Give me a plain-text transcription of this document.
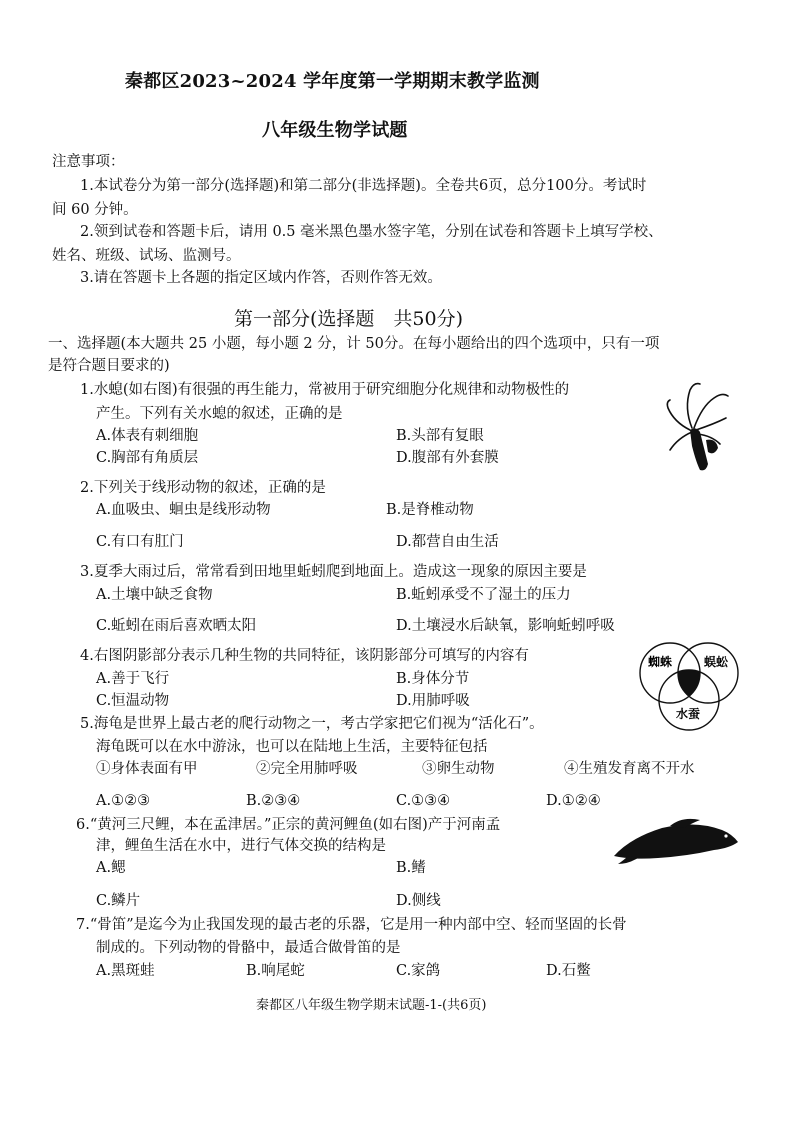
秦都区2023~2024 学年度第一学期期末教学监测
八年级生物学试题
注意事项：
1.本试卷分为第一部分(选择题)和第二部分(非选择题)。全卷共6页，总分100分。考试时
间 60 分钟。
2.领到试卷和答题卡后，请用 0.5 毫米黑色墨水签字笔，分别在试卷和答题卡上填写学校、
姓名、班级、试场、监测号。
3.请在答题卡上各题的指定区域内作答，否则作答无效。
第一部分(选择题　共50分)
一、选择题(本大题共 25 小题，每小题 2 分，计 50分。在每小题给出的四个选项中，只有一项
是符合题目要求的)
1.水螅(如右图)有很强的再生能力，常被用于研究细胞分化规律和动物极性的
产生。下列有关水螅的叙述，正确的是
A.体表有刺细胞	B.头部有复眼
C.胸部有角质层	D.腹部有外套膜
2.下列关于线形动物的叙述，正确的是
A.血吸虫、蛔虫是线形动物	B.是脊椎动物
C.有口有肛门	D.都营自由生活
3.夏季大雨过后，常常看到田地里蚯蚓爬到地面上。造成这一现象的原因主要是
A.土壤中缺乏食物	B.蚯蚓承受不了湿土的压力
C.蚯蚓在雨后喜欢晒太阳	D.土壤浸水后缺氧，影响蚯蚓呼吸
4.右图阴影部分表示几种生物的共同特征，该阴影部分可填写的内容有
A.善于飞行	B.身体分节
C.恒温动物	D.用肺呼吸
蜘蛛	蜈蚣
水蚕
5.海龟是世界上最古老的爬行动物之一，考古学家把它们视为“活化石”。
海龟既可以在水中游泳，也可以在陆地上生活，主要特征包括
①身体表面有甲	②完全用肺呼吸	③卵生动物	④生殖发育离不开水
A.①②③	B.②③④	C.①③④	D.①②④
6.“黄河三尺鲤，本在孟津居。”正宗的黄河鲤鱼(如右图)产于河南孟
津，鲤鱼生活在水中，进行气体交换的结构是
A.鳃	B.鳍
C.鳞片	D.侧线
7.“骨笛”是迄今为止我国发现的最古老的乐器，它是用一种内部中空、轻而坚固的长骨
制成的。下列动物的骨骼中，最适合做骨笛的是
A.黑斑蛙	B.响尾蛇	C.家鸽	D.石鳖
秦都区八年级生物学期末试题-1-(共6页)
